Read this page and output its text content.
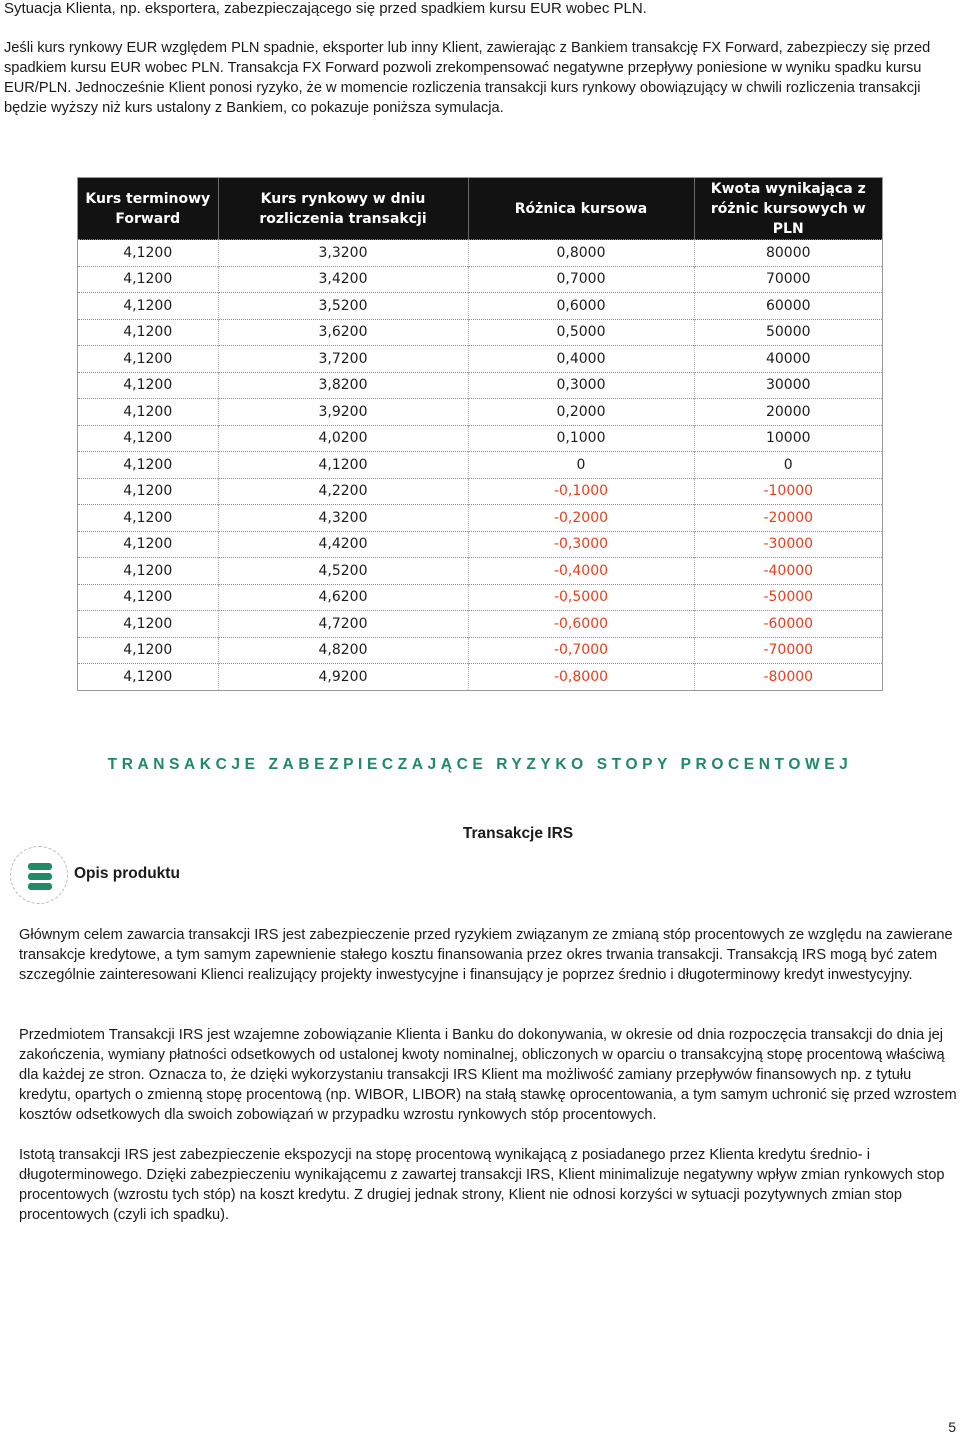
Sytuacja Klienta, np. eksportera, zabezpieczającego się przed spadkiem kursu EUR wobec PLN.

Jeśli kurs rynkowy EUR względem PLN spadnie, eksporter lub inny Klient, zawierając z Bankiem transakcję FX Forward, zabezpieczy się przed spadkiem kursu EUR wobec PLN. Transakcja FX Forward pozwoli zrekompensować negatywne przepływy poniesione w wyniku spadku kursu EUR/PLN. Jednocześnie Klient ponosi ryzyko, że w momencie rozliczenia transakcji kurs rynkowy obowiązujący w chwili rozliczenia transakcji będzie wyższy niż kurs ustalony z Bankiem, co pokazuje poniższa symulacja.

Kurs terminowy Forward	Kurs rynkowy w dniu rozliczenia transakcji	Różnica kursowa	Kwota wynikająca z różnic kursowych w PLN
4,1200	3,3200	0,8000	80000
4,1200	3,4200	0,7000	70000
4,1200	3,5200	0,6000	60000
4,1200	3,6200	0,5000	50000
4,1200	3,7200	0,4000	40000
4,1200	3,8200	0,3000	30000
4,1200	3,9200	0,2000	20000
4,1200	4,0200	0,1000	10000
4,1200	4,1200	0	0
4,1200	4,2200	-0,1000	-10000
4,1200	4,3200	-0,2000	-20000
4,1200	4,4200	-0,3000	-30000
4,1200	4,5200	-0,4000	-40000
4,1200	4,6200	-0,5000	-50000
4,1200	4,7200	-0,6000	-60000
4,1200	4,8200	-0,7000	-70000
4,1200	4,9200	-0,8000	-80000
TRANSAKCJE ZABEZPIECZAJĄCE RYZYKO STOPY PROCENTOWEJ
Transakcje IRS

Opis produktu

Głównym celem zawarcia transakcji IRS jest zabezpieczenie przed ryzykiem związanym ze zmianą stóp procentowych ze względu na zawierane transakcje kredytowe, a tym samym zapewnienie stałego kosztu finansowania przez okres trwania transakcji. Transakcją IRS mogą być zatem szczególnie zainteresowani Klienci realizujący projekty inwestycyjne i finansujący je poprzez średnio i długoterminowy kredyt inwestycyjny.

Przedmiotem Transakcji IRS jest wzajemne zobowiązanie Klienta i Banku do dokonywania, w okresie od dnia rozpoczęcia transakcji do dnia jej zakończenia, wymiany płatności odsetkowych od ustalonej kwoty nominalnej, obliczonych w oparciu o transakcyjną stopę procentową właściwą dla każdej ze stron. Oznacza to, że dzięki wykorzystaniu transakcji IRS Klient ma możliwość zamiany przepływów finansowych np. z tytułu kredytu, opartych o zmienną stopę procentową (np. WIBOR, LIBOR) na stałą stawkę oprocentowania, a tym samym uchronić się przed wzrostem kosztów odsetkowych dla swoich zobowiązań w przypadku wzrostu rynkowych stóp procentowych.

Istotą transakcji IRS jest zabezpieczenie ekspozycji na stopę procentową wynikającą z posiadanego przez Klienta kredytu średnio- i długoterminowego. Dzięki zabezpieczeniu wynikającemu z zawartej transakcji IRS, Klient minimalizuje negatywny wpływ zmian rynkowych stop procentowych (wzrostu tych stóp) na koszt kredytu. Z drugiej jednak strony, Klient nie odnosi korzyści w sytuacji pozytywnych zmian stop procentowych (czyli ich spadku).

5
